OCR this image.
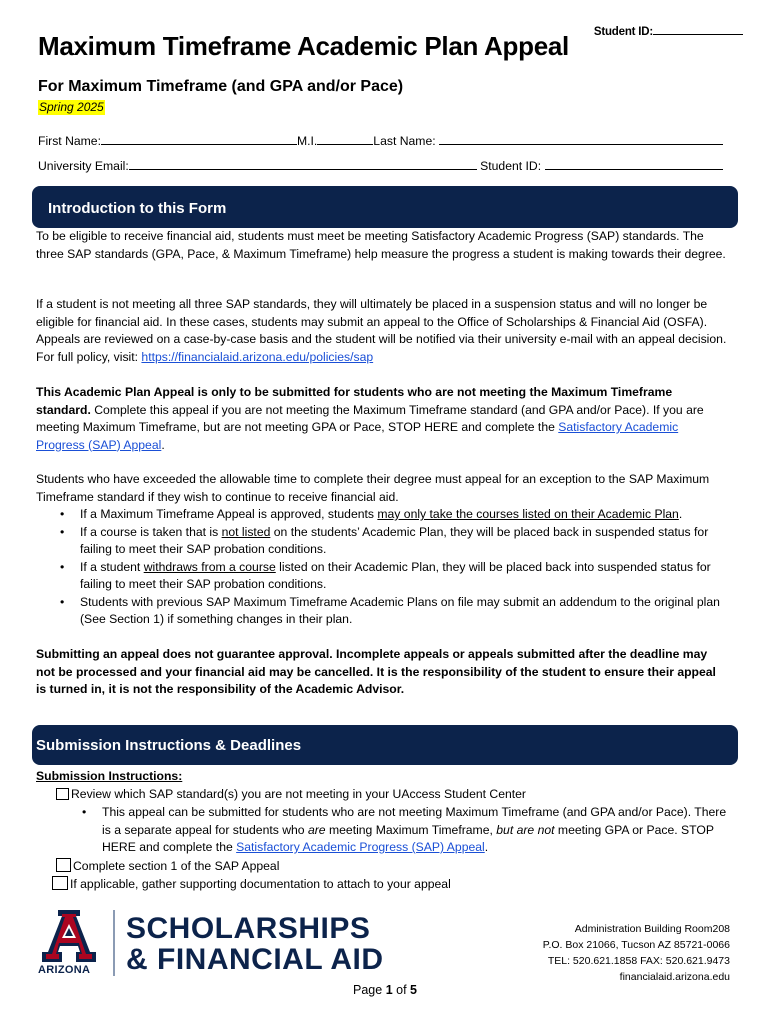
Student ID:
Maximum Timeframe Academic Plan Appeal
For Maximum Timeframe (and GPA and/or Pace)
Spring 2025
First Name:	M.I.	Last Name:
University Email:	Student ID:
Introduction to this Form

To be eligible to receive financial aid, students must meet be meeting Satisfactory Academic Progress (SAP) standards. The three SAP standards (GPA, Pace, & Maximum Timeframe) help measure the progress a student is making towards their degree.

If a student is not meeting all three SAP standards, they will ultimately be placed in a suspension status and will no longer be eligible for financial aid. In these cases, students may submit an appeal to the Office of Scholarships & Financial Aid (OSFA). Appeals are reviewed on a case-by-case basis and the student will be notified via their university e-mail with an appeal decision. For full policy, visit: https://financialaid.arizona.edu/policies/sap

This Academic Plan Appeal is only to be submitted for students who are not meeting the Maximum Timeframe standard. Complete this appeal if you are not meeting the Maximum Timeframe standard (and GPA and/or Pace). If you are meeting Maximum Timeframe, but are not meeting GPA or Pace, STOP HERE and complete the Satisfactory Academic Progress (SAP) Appeal.

Students who have exceeded the allowable time to complete their degree must appeal for an exception to the SAP Maximum Timeframe standard if they wish to continue to receive financial aid.

• If a Maximum Timeframe Appeal is approved, students may only take the courses listed on their Academic Plan.
• If a course is taken that is not listed on the students’ Academic Plan, they will be placed back in suspended status for failing to meet their SAP probation conditions.
• If a student withdraws from a course listed on their Academic Plan, they will be placed back into suspended status for failing to meet their SAP probation conditions.
• Students with previous SAP Maximum Timeframe Academic Plans on file may submit an addendum to the original plan (See Section 1) if something changes in their plan.

Submitting an appeal does not guarantee approval. Incomplete appeals or appeals submitted after the deadline may not be processed and your financial aid may be cancelled. It is the responsibility of the student to ensure their appeal is turned in, it is not the responsibility of the Academic Advisor.

Submission Instructions & Deadlines
Submission Instructions:
Review which SAP standard(s) you are not meeting in your UAccess Student Center
• This appeal can be submitted for students who are not meeting Maximum Timeframe (and GPA and/or Pace). There is a separate appeal for students who are meeting Maximum Timeframe, but are not meeting GPA or Pace. STOP HERE and complete the Satisfactory Academic Progress (SAP) Appeal.
Complete section 1 of the SAP Appeal
If applicable, gather supporting documentation to attach to your appeal
ARIZONA
SCHOLARSHIPS
& FINANCIAL AID
Administration Building Room208
P.O. Box 21066, Tucson AZ 85721-0066
TEL: 520.621.1858 FAX: 520.621.9473
financialaid.arizona.edu
Page 1 of 5
